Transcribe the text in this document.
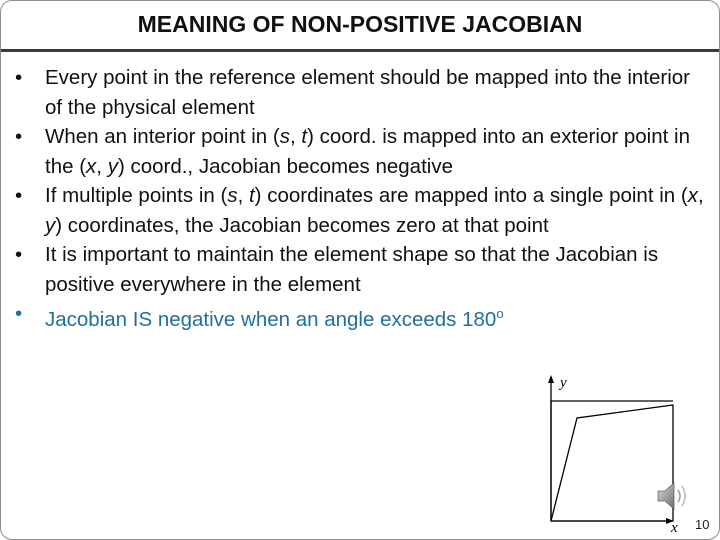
MEANING OF NON-POSITIVE JACOBIAN
• Every point in the reference element should be mapped into the interior of the physical element
• When an interior point in (s, t) coord. is mapped into an exterior point in the (x, y) coord., Jacobian becomes negative
• If multiple points in (s, t) coordinates are mapped into a single point in (x, y) coordinates, the Jacobian becomes zero at that point
• It is important to maintain the element shape so that the Jacobian is positive everywhere in the element
• Jacobian IS negative when an angle exceeds 180$^o$
y
x 10
